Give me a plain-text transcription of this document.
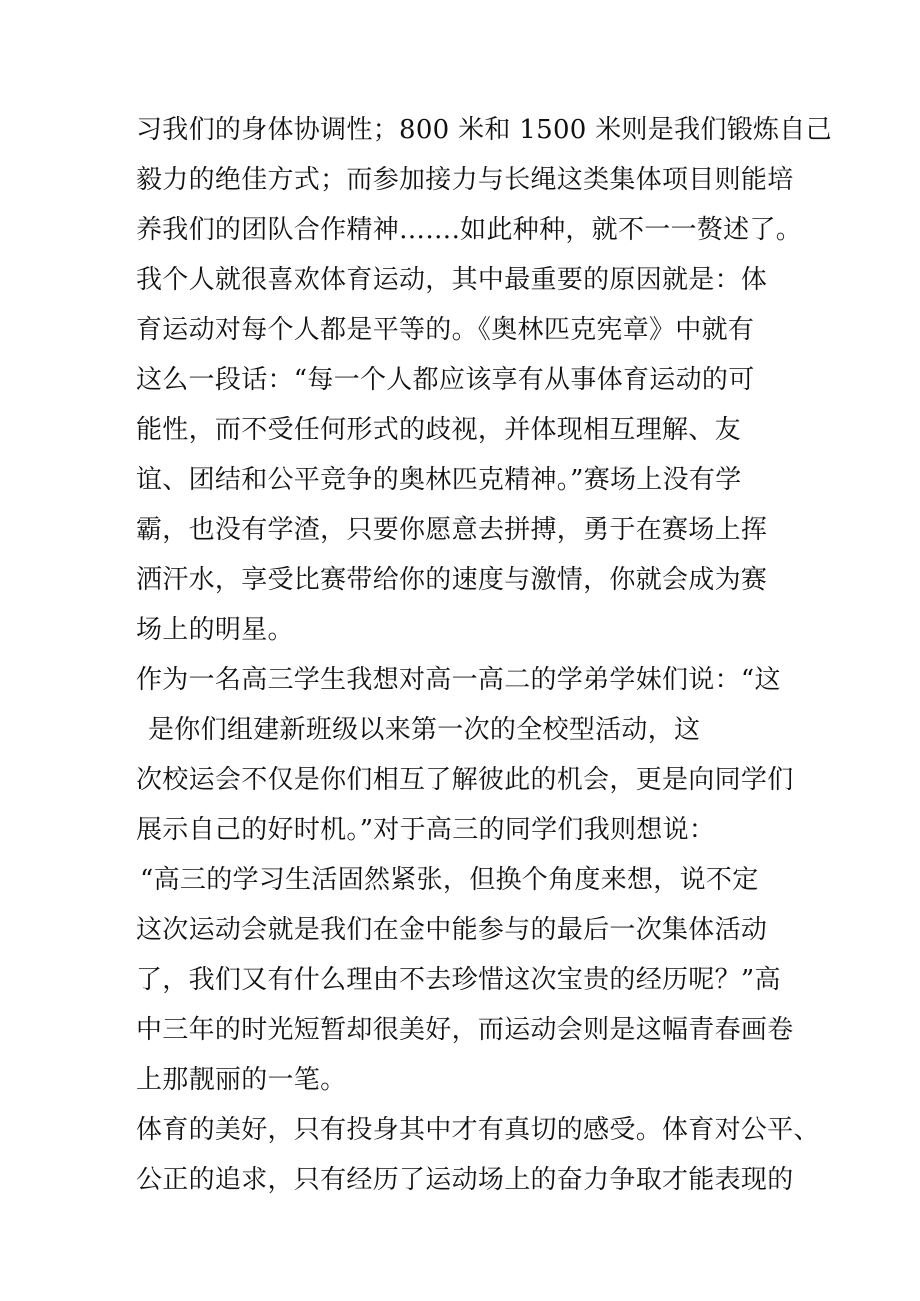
习我们的身体协调性；800 米和 1500 米则是我们锻炼自己
毅力的绝佳方式；而参加接力与长绳这类集体项目则能培
养我们的团队合作精神…….如此种种，就不一一赘述了。
我个人就很喜欢体育运动，其中最重要的原因就是：体
育运动对每个人都是平等的。《奥林匹克宪章》中就有
这么一段话：“每一个人都应该享有从事体育运动的可
能性，而不受任何形式的歧视，并体现相互理解、友
谊、团结和公平竞争的奥林匹克精神。”赛场上没有学
霸，也没有学渣，只要你愿意去拼搏，勇于在赛场上挥
洒汗水，享受比赛带给你的速度与激情，你就会成为赛
场上的明星。
作为一名高三学生我想对高一高二的学弟学妹们说：“这
是你们组建新班级以来第一次的全校型活动，这
次校运会不仅是你们相互了解彼此的机会，更是向同学们
展示自己的好时机。”对于高三的同学们我则想说：
“高三的学习生活固然紧张，但换个角度来想，说不定
这次运动会就是我们在金中能参与的最后一次集体活动
了，我们又有什么理由不去珍惜这次宝贵的经历呢？”高
中三年的时光短暂却很美好，而运动会则是这幅青春画卷
上那靓丽的一笔。
体育的美好，只有投身其中才有真切的感受。体育对公平、
公正的追求，只有经历了运动场上的奋力争取才能表现的
